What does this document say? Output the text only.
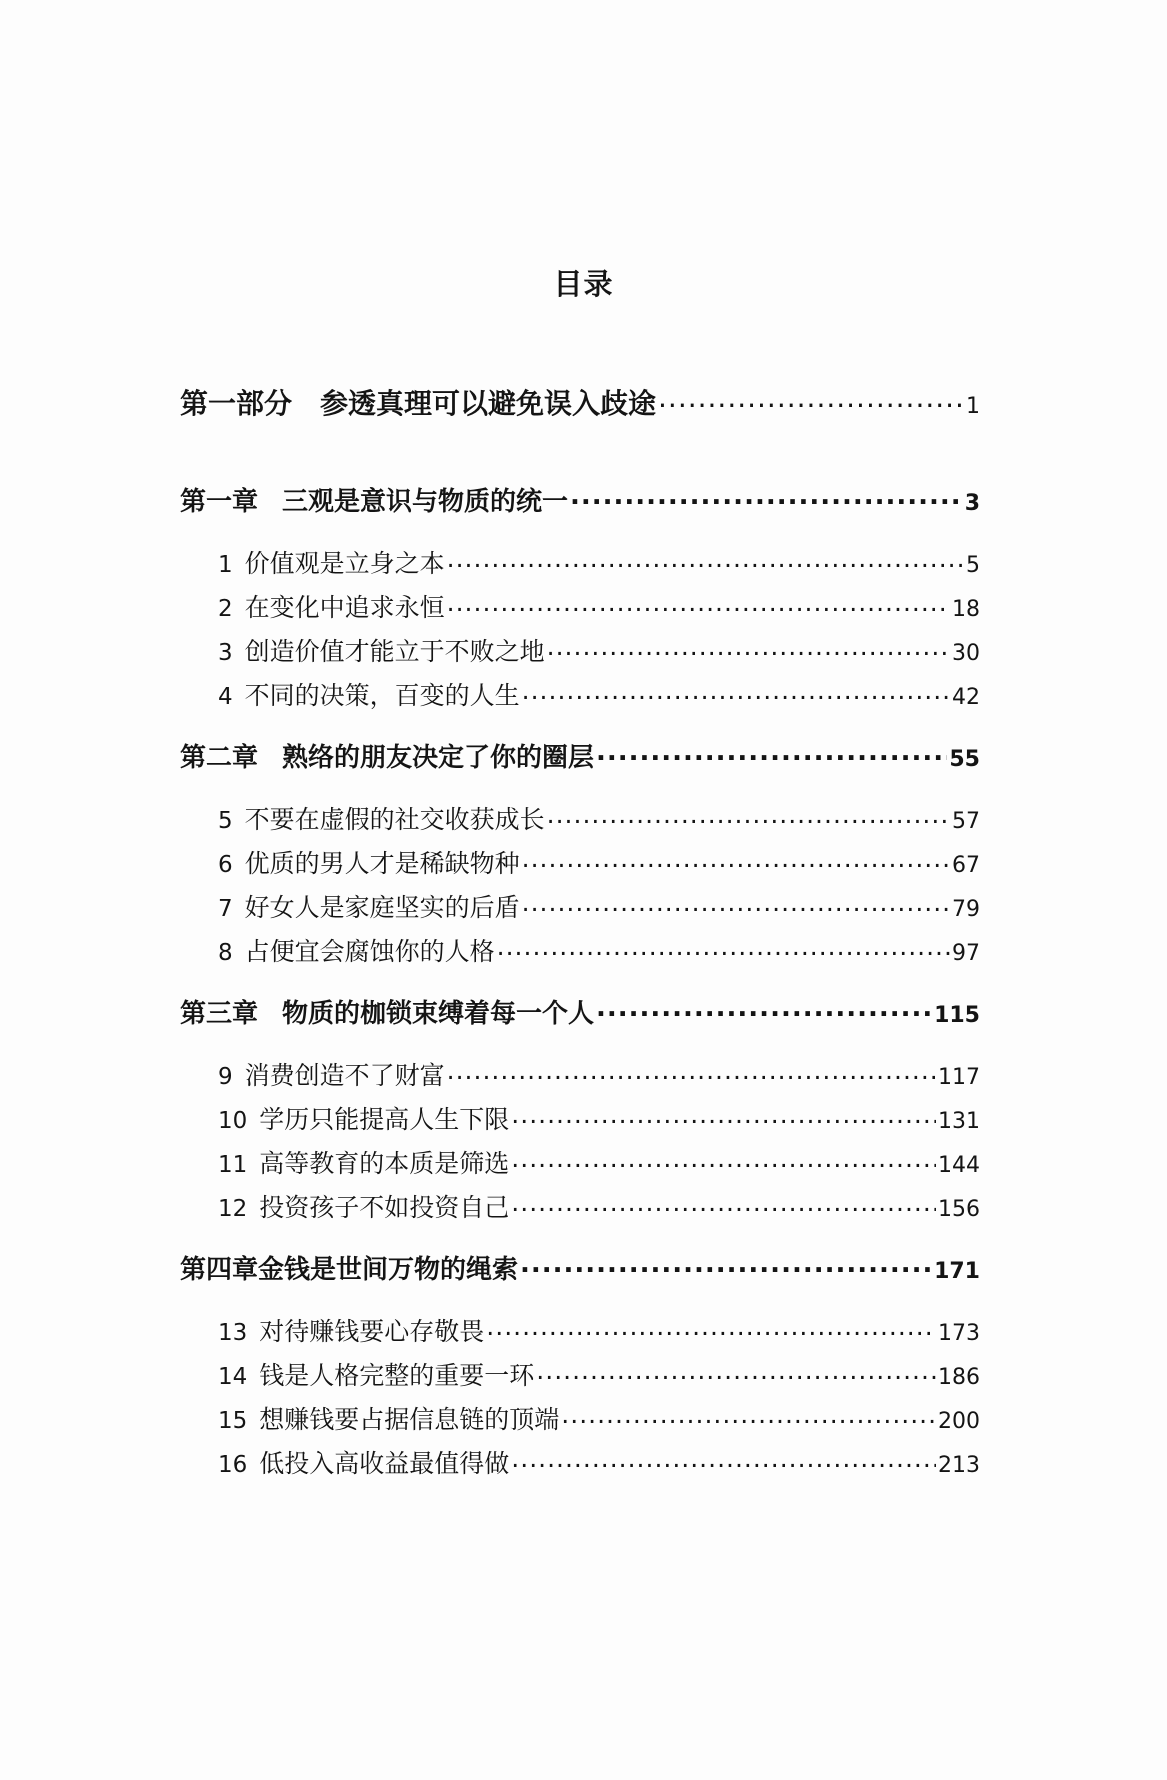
目录
第一部分 参透真理可以避免误入歧途 .....	1
第一章 三观是意识与物质的统一 .....	3
1 价值观是立身之本 .....	5
2 在变化中追求永恒 .....	18
3 创造价值才能立于不败之地 .....	30
4 不同的决策，百变的人生 .....	42
第二章 熟络的朋友决定了你的圈层 .....	55
5 不要在虚假的社交收获成长 .....	57
6 优质的男人才是稀缺物种 .....	67
7 好女人是家庭坚实的后盾 .....	79
8 占便宜会腐蚀你的人格 .....	97
第三章 物质的枷锁束缚着每一个人 .....	115
9 消费创造不了财富 .....	117
10 学历只能提高人生下限 .....	131
11 高等教育的本质是筛选 .....	144
12 投资孩子不如投资自己 .....	156
第四章金钱是世间万物的绳索 .....	171
13 对待赚钱要心存敬畏 .....	173
14 钱是人格完整的重要一环 .....	186
15 想赚钱要占据信息链的顶端 .....	200
16 低投入高收益最值得做 .....	213
